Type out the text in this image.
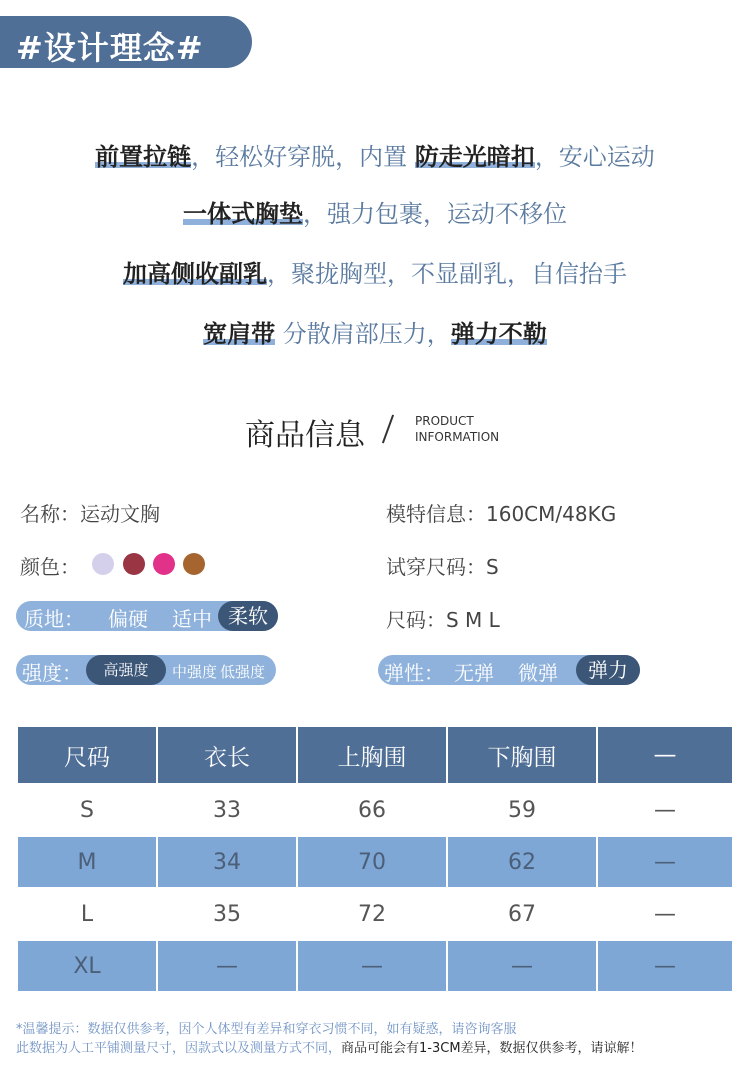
#设计理念#
前置拉链，轻松好穿脱，内置 防走光暗扣，安心运动
一体式胸垫，强力包裹，运动不移位
加高侧收副乳，聚拢胸型，不显副乳，自信抬手
宽肩带 分散肩部压力，弹力不勒
商品信息	PRODUCT
INFORMATION
名称：运动文胸	模特信息：160CM/48KG
颜色：	试穿尺码：S
质地： 偏硬 适中 柔软	尺码：S M L
强度：	高强度	中强度 低强度	弹性： 无弹 微弹	弹力
尺码	衣长	上胸围	下胸围	—
S	33	66	59	—
M	34	70	62	—
L	35	72	67	—
XL	—	—	—	—
*温馨提示：数据仅供参考，因个人体型有差异和穿衣习惯不同，如有疑惑，请咨询客服
此数据为人工平铺测量尺寸，因款式以及测量方式不同，商品可能会有1-3CM差异，数据仅供参考，请谅解！
